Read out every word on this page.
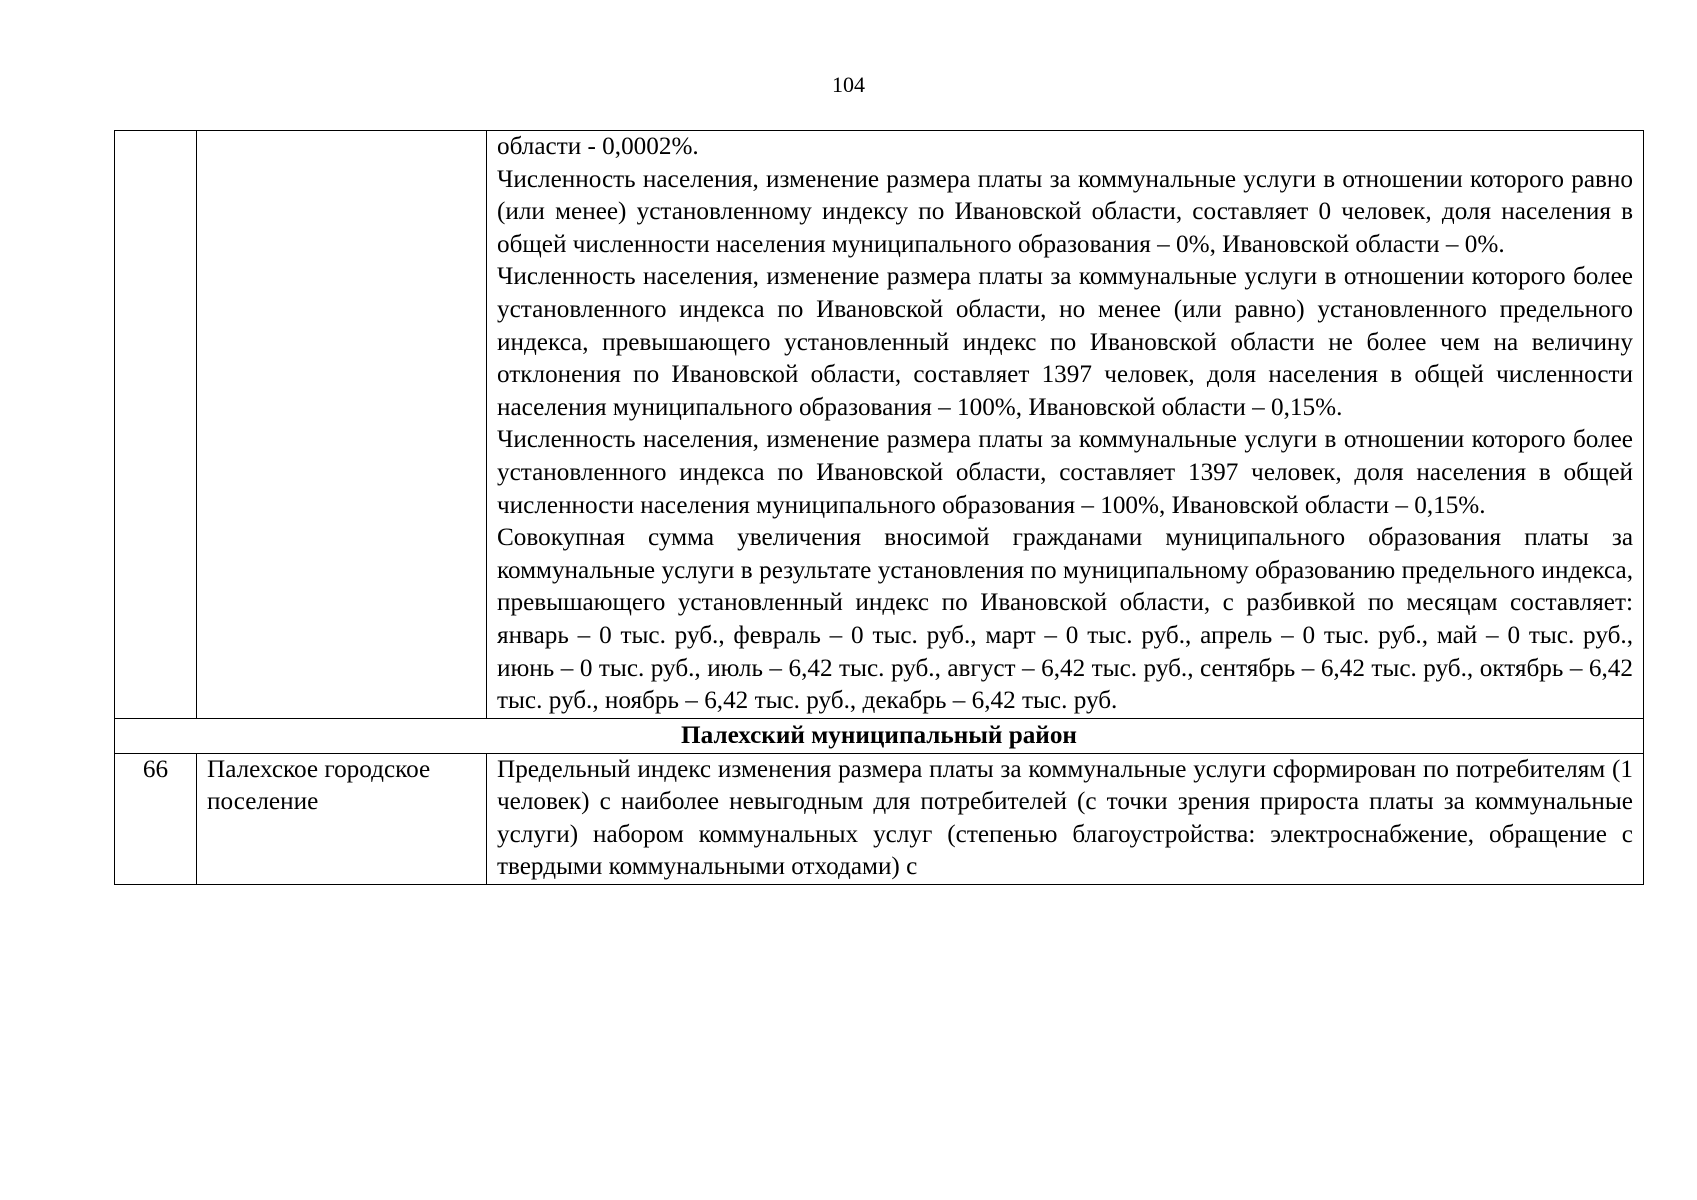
104

		области - 0,0002%.

Численность населения, изменение размера платы за коммунальные услуги в отношении которого равно (или менее) установленному индексу по Ивановской области, составляет 0 человек, доля населения в общей численности населения муниципального образования – 0%, Ивановской области – 0%.

Численность населения, изменение размера платы за коммунальные услуги в отношении которого более установленного индекса по Ивановской области, но менее (или равно) установленного предельного индекса, превышающего установленный индекс по Ивановской области не более чем на величину отклонения по Ивановской области, составляет 1397 человек, доля населения в общей численности населения муниципального образования – 100%, Ивановской области – 0,15%.

Численность населения, изменение размера платы за коммунальные услуги в отношении которого более установленного индекса по Ивановской области, составляет 1397 человек, доля населения в общей численности населения муниципального образования – 100%, Ивановской области – 0,15%.

Совокупная сумма увеличения вносимой гражданами муниципального образования платы за коммунальные услуги в результате установления по муниципальному образованию предельного индекса, превышающего установленный индекс по Ивановской области, с разбивкой по месяцам составляет: январь – 0 тыс. руб., февраль – 0 тыс. руб., март – 0 тыс. руб., апрель – 0 тыс. руб., май – 0 тыс. руб., июнь – 0 тыс. руб., июль – 6,42 тыс. руб., август – 6,42 тыс. руб., сентябрь – 6,42 тыс. руб., октябрь – 6,42 тыс. руб., ноябрь – 6,42 тыс. руб., декабрь – 6,42 тыс. руб.

Палехский муниципальный район		
66	Палехское городское поселение	Предельный индекс изменения размера платы за коммунальные услуги сформирован по потребителям (1 человек) с наиболее невыгодным для потребителей (с точки зрения прироста платы за коммунальные услуги) набором коммунальных услуг (степенью благоустройства: электроснабжение, обращение с твердыми коммунальными отходами) с
